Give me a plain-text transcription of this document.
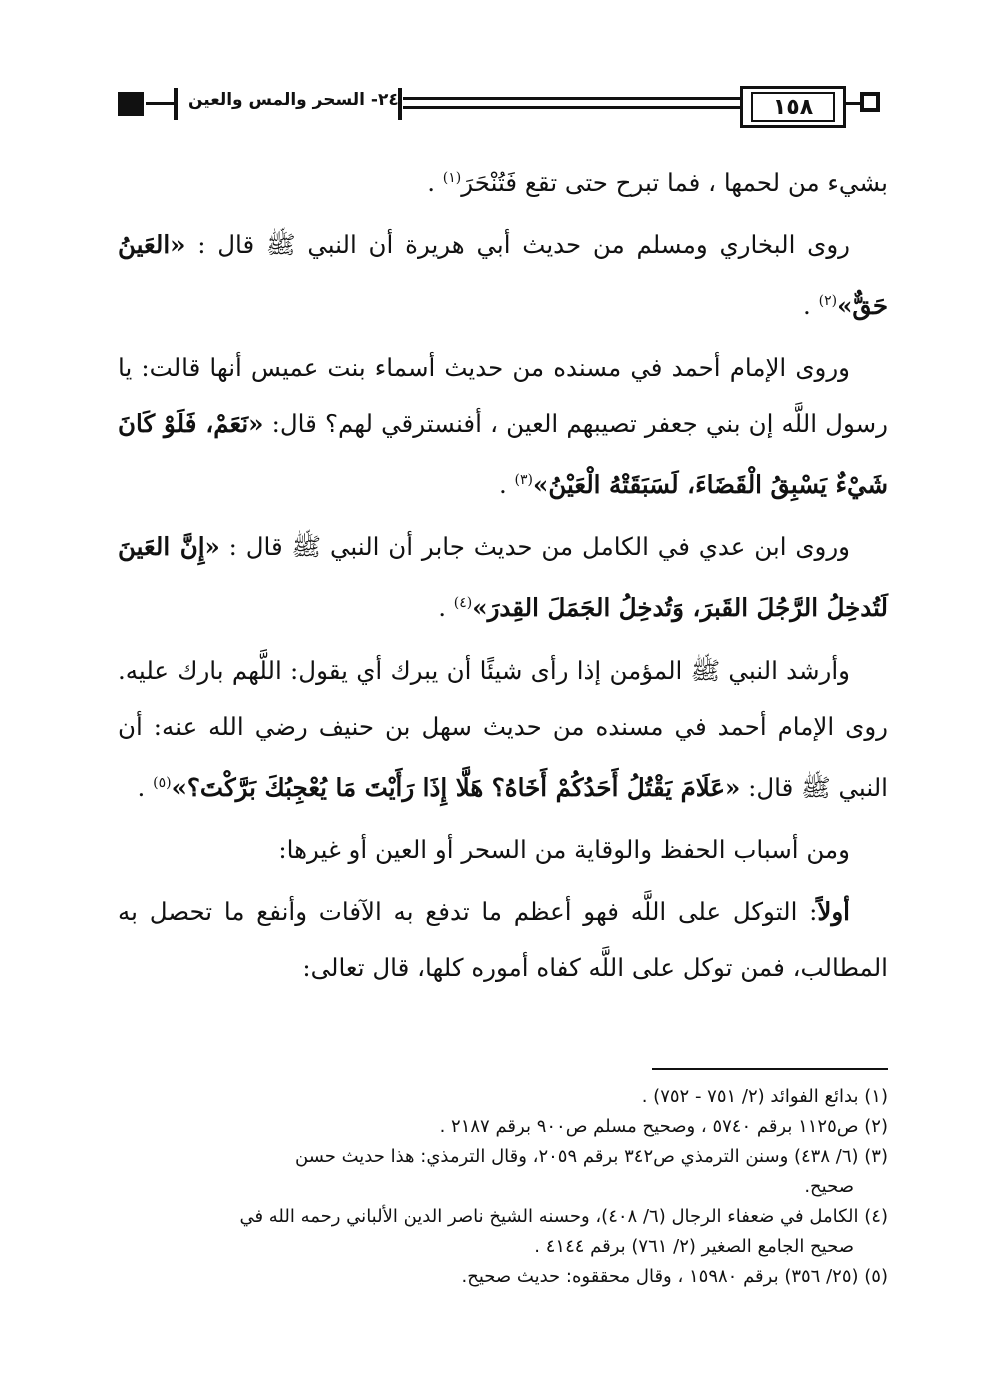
١٥٨
٢٤- السحر والمس والعين

بشيء من لحمها ، فما تبرح حتى تقع فَتُنْحَرَ$^{(١)}$ .

روى البخاري ومسلم من حديث أبي هريرة أن النبي ﷺ قال : «العَينُ حَقٌّ»$^{(٢)}$ .

وروى الإمام أحمد في مسنده من حديث أسماء بنت عميس أنها قالت: يا رسول اللَّه إن بني جعفر تصيبهم العين ، أفنسترقي لهم؟ قال: «نَعَمْ، فَلَوْ كَانَ شَيْءٌ يَسْبِقُ الْقَضَاءَ، لَسَبَقَتْهُ الْعَيْنُ»$^{(٣)}$ .

وروى ابن عدي في الكامل من حديث جابر أن النبي ﷺ قال : «إِنَّ العَينَ لَتُدخِلُ الرَّجُلَ القَبرَ، وَتُدخِلُ الجَمَلَ القِدرَ»$^{(٤)}$ .

وأرشد النبي ﷺ المؤمن إذا رأى شيئًا أن يبرك أي يقول: اللَّهم بارك عليه. روى الإمام أحمد في مسنده من حديث سهل بن حنيف رضي الله عنه: أن النبي ﷺ قال: «عَلَامَ يَقْتُلُ أَحَدُكُمْ أَخَاهُ؟ هَلَّا إِذَا رَأَيْتَ مَا يُعْجِبُكَ بَرَّكْتَ؟»$^{(٥)}$ .

ومن أسباب الحفظ والوقاية من السحر أو العين أو غيرها:

أولاً: التوكل على اللَّه فهو أعظم ما تدفع به الآفات وأنفع ما تحصل به المطالب، فمن توكل على اللَّه كفاه أموره كلها، قال تعالى:

(١) بدائع الفوائد (٢/ ٧٥١ - ٧٥٢) .

(٢) ص١١٢٥ برقم ٥٧٤٠ ، وصحيح مسلم ص٩٠٠ برقم ٢١٨٧ .

(٣) (٦/ ٤٣٨) وسنن الترمذي ص٣٤٢ برقم ٢٠٥٩، وقال الترمذي: هذا حديث حسن
صحيح.

(٤) الكامل في ضعفاء الرجال (٦/ ٤٠٨)، وحسنه الشيخ ناصر الدين الألباني رحمه الله في
صحيح الجامع الصغير (٢/ ٧٦١) برقم ٤١٤٤ .

(٥) (٢٥/ ٣٥٦) برقم ١٥٩٨٠ ، وقال محققوه: حديث صحيح.
